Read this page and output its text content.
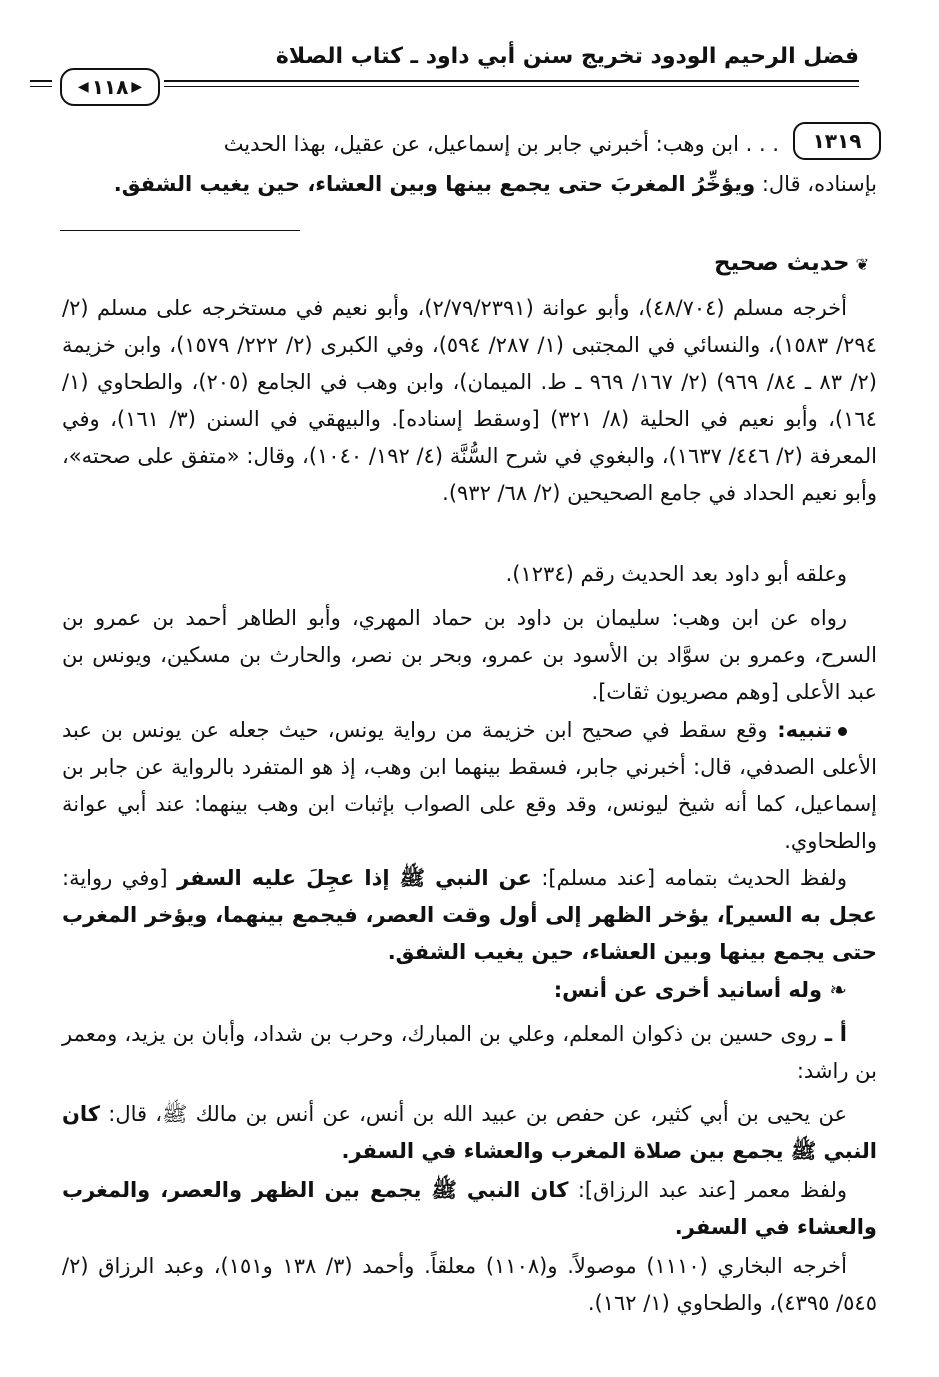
فضل الرحيم الودود تخريج سنن أبي داود ـ كتاب الصلاة
◀ ١١٨ ▶
١٣١٩
. . . ابن وهب: أخبرني جابر بن إسماعيل، عن عقيل، بهذا الحديث
بإسناده، قال: ويؤخِّرُ المغربَ حتى يجمع بينها وبين العشاء، حين يغيب الشفق.
❦حديث صحيح
أخرجه مسلم (٤٨/٧٠٤)، وأبو عوانة (٢/٧٩/٢٣٩١)، وأبو نعيم في مستخرجه على مسلم (٢/ ٢٩٤/ ١٥٨٣)، والنسائي في المجتبى (١/ ٢٨٧/ ٥٩٤)، وفي الكبرى (٢/ ٢٢٢/ ١٥٧٩)، وابن خزيمة (٢/ ٨٣ ـ ٨٤/ ٩٦٩) (٢/ ١٦٧/ ٩٦٩ ـ ط. الميمان)، وابن وهب في الجامع (٢٠٥)، والطحاوي (١/ ١٦٤)، وأبو نعيم في الحلية (٨/ ٣٢١) [وسقط إسناده]. والبيهقي في السنن (٣/ ١٦١)، وفي المعرفة (٢/ ٤٤٦/ ١٦٣٧)، والبغوي في شرح السُّنَّة (٤/ ١٩٢/ ١٠٤٠)، وقال: «متفق على صحته»، وأبو نعيم الحداد في جامع الصحيحين (٢/ ٦٨/ ٩٣٢).
وعلقه أبو داود بعد الحديث رقم (١٢٣٤).
رواه عن ابن وهب: سليمان بن داود بن حماد المهري، وأبو الطاهر أحمد بن عمرو بن السرح، وعمرو بن سوَّاد بن الأسود بن عمرو، وبحر بن نصر، والحارث بن مسكين، ويونس بن عبد الأعلى [وهم مصريون ثقات].
تنبيه: وقع سقط في صحيح ابن خزيمة من رواية يونس، حيث جعله عن يونس بن عبد الأعلى الصدفي، قال: أخبرني جابر، فسقط بينهما ابن وهب، إذ هو المتفرد بالرواية عن جابر بن إسماعيل، كما أنه شيخ ليونس، وقد وقع على الصواب بإثبات ابن وهب بينهما: عند أبي عوانة والطحاوي.
ولفظ الحديث بتمامه [عند مسلم]: عن النبي ﷺ إذا عجِلَ عليه السفر [وفي رواية: عجل به السير]، يؤخر الظهر إلى أول وقت العصر، فيجمع بينهما، ويؤخر المغرب حتى يجمع بينها وبين العشاء، حين يغيب الشفق.
❧ وله أسانيد أخرى عن أنس:
أ ـ روى حسين بن ذكوان المعلم، وعلي بن المبارك، وحرب بن شداد، وأبان بن يزيد، ومعمر بن راشد:
عن يحيى بن أبي كثير، عن حفص بن عبيد الله بن أنس، عن أنس بن مالك ﷺ، قال: كان النبي ﷺ يجمع بين صلاة المغرب والعشاء في السفر.
ولفظ معمر [عند عبد الرزاق]: كان النبي ﷺ يجمع بين الظهر والعصر، والمغرب والعشاء في السفر.
أخرجه البخاري (١١١٠) موصولاً. و(١١٠٨) معلقاً. وأحمد (٣/ ١٣٨ و١٥١)، وعبد الرزاق (٢/ ٥٤٥/ ٤٣٩٥)، والطحاوي (١/ ١٦٢).
